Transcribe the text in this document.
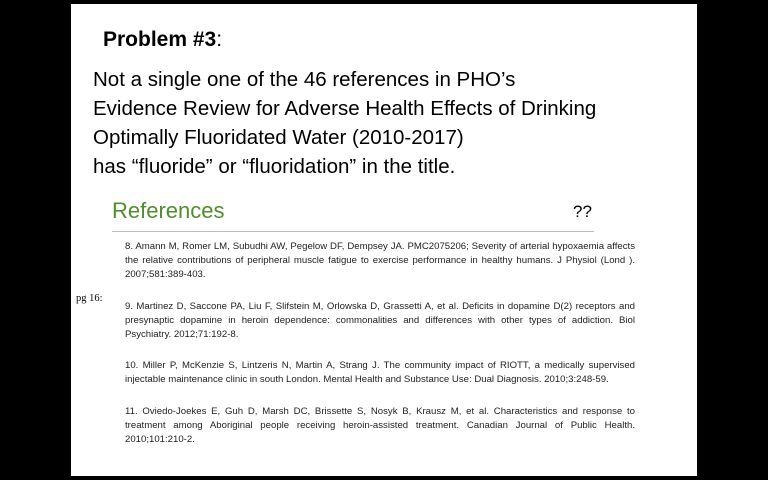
Problem #3:
Not a single one of the 46 references in PHO’s
Evidence Review for Adverse Health Effects of Drinking
Optimally Fluoridated Water (2010-2017)
has “fluoride” or “fluoridation” in the title.
References	??
pg 16:
8. Amann M, Romer LM, Subudhi AW, Pegelow DF, Dempsey JA. PMC2075206; Severity of arterial hypoxaemia affects the relative contributions of peripheral muscle fatigue to exercise performance in healthy humans. J Physiol (Lond ). 2007;581:389-403.
9. Martinez D, Saccone PA, Liu F, Slifstein M, Orlowska D, Grassetti A, et al. Deficits in dopamine D(2) receptors and presynaptic dopamine in heroin dependence: commonalities and differences with other types of addiction. Biol Psychiatry. 2012;71:192-8.
10. Miller P, McKenzie S, Lintzeris N, Martin A, Strang J. The community impact of RIOTT, a medically supervised injectable maintenance clinic in south London. Mental Health and Substance Use: Dual Diagnosis. 2010;3:248-59.
11. Oviedo-Joekes E, Guh D, Marsh DC, Brissette S, Nosyk B, Krausz M, et al. Characteristics and response to treatment among Aboriginal people receiving heroin-assisted treatment. Canadian Journal of Public Health. 2010;101:210-2.
